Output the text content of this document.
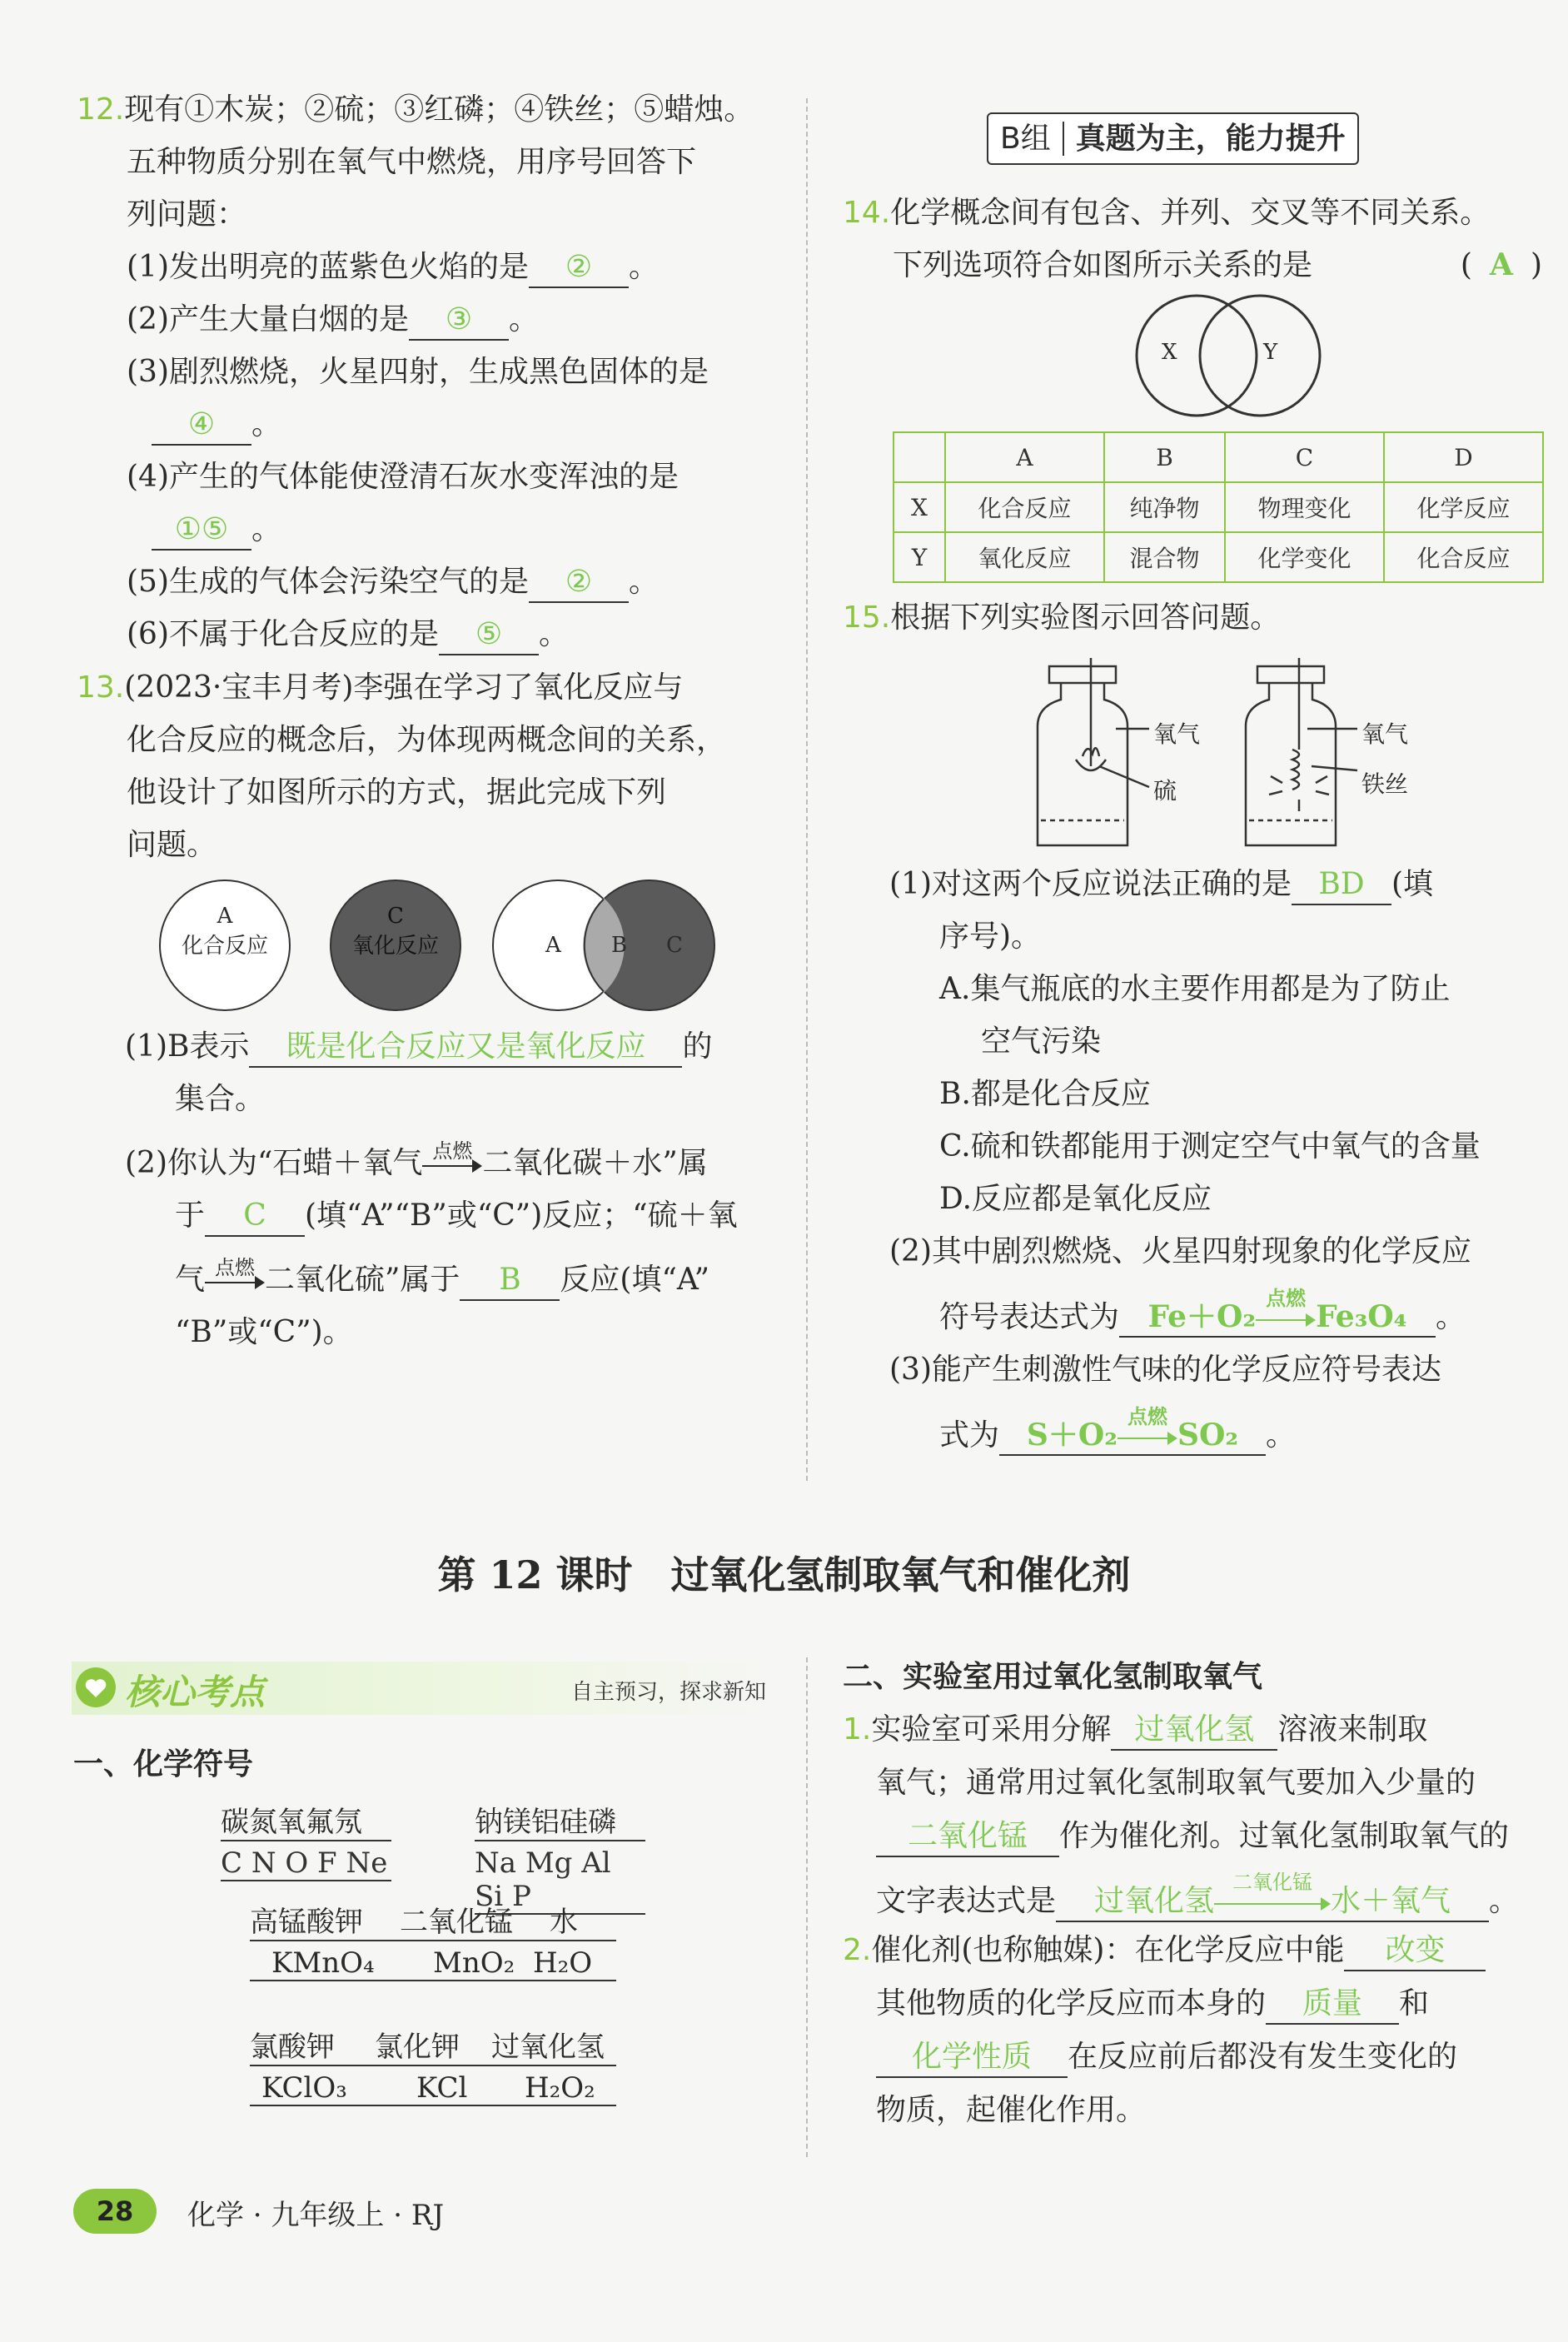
12.现有①木炭；②硫；③红磷；④铁丝；⑤蜡烛。
五种物质分别在氧气中燃烧，用序号回答下
列问题：
(1)发出明亮的蓝紫色火焰的是 ② 。
(2)产生大量白烟的是 ③ 。
(3)剧烈燃烧，火星四射，生成黑色固体的是
④ 。
(4)产生的气体能使澄清石灰水变浑浊的是
①⑤ 。
(5)生成的气体会污染空气的是 ② 。
(6)不属于化合反应的是 ⑤ 。
13.(2023·宝丰月考)李强在学习了氧化反应与
化合反应的概念后，为体现两概念间的关系，
他设计了如图所示的方式，据此完成下列
问题。
A
化合反应
C
氧化反应	A B C
(1)B表示 既是化合反应又是氧化反应 的
集合。
(2)你认为“石蜡＋氧气 点燃 二氧化碳＋水”属
于 C (填“A”“B”或“C”)反应；“硫＋氧
气 点燃 二氧化硫”属于 B 反应(填“A”
“B”或“C”)。
B组 真题为主，能力提升
14.化学概念间有包含、并列、交叉等不同关系。
下列选项符合如图所示关系的是	( A )
X	Y
	A	B	C	D
X	化合反应	纯净物	物理变化	化学反应
Y	氧化反应	混合物	化学变化	化合反应
15.根据下列实验图示回答问题。
氧气
硫
氧气
铁丝
(1)对这两个反应说法正确的是 BD (填
序号)。
A.集气瓶底的水主要作用都是为了防止
空气污染
B.都是化合反应
C.硫和铁都能用于测定空气中氧气的含量
D.反应都是氧化反应
(2)其中剧烈燃烧、火星四射现象的化学反应
符号表达式为 Fe＋O₂
点燃
Fe₃O₄ 。
(3)能产生刺激性气味的化学反应符号表达
式为 S＋O₂
点燃
SO₂ 。
第 12 课时　过氧化氢制取氧气和催化剂
核心考点	自主预习，探求新知
一、化学符号
碳氮氧氟氖
C N O F Ne
钠镁铝硅磷
Na Mg Al Si P
高锰酸钾 二氧化锰 水
KMnO₄ MnO₂ H₂O
氯酸钾 氯化钾 过氧化氢
KClO₃ KCl H₂O₂
二、实验室用过氧化氢制取氧气
1.实验室可采用分解 过氧化氢 溶液来制取
氧气；通常用过氧化氢制取氧气要加入少量的
二氧化锰 作为催化剂。过氧化氢制取氧气的
文字表达式是 过氧化氢
二氧化锰
水＋氧气 。
2.催化剂(也称触媒)：在化学反应中能 改变
其他物质的化学反应而本身的 质量 和
化学性质 在反应前后都没有发生变化的
物质，起催化作用。
28	化学 · 九年级上 · RJ
